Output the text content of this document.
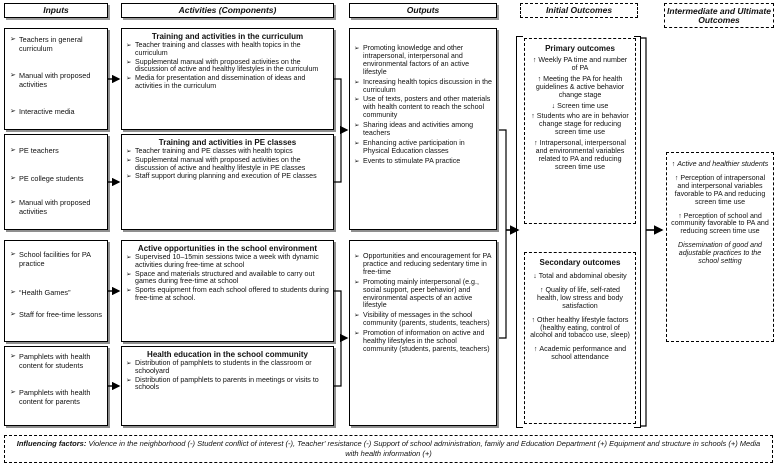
Inputs	Activities (Components)	Outputs	Initial Outcomes	Intermediate and Ultimate Outcomes
➢ Teachers in general curriculum
➢ Manual with proposed activities
➢ Interactive media
➢ PE teachers
➢ PE college students
➢ Manual with proposed activities
➢ School facilities for PA practice
➢ “Health Games”
➢ Staff for free-time lessons
➢ Pamphlets with health content for students
➢ Pamphlets with health content for parents
Training and activities in the curriculum
➢ Teacher training and classes with health topics in the curriculum
➢ Supplemental manual with proposed activities on the discussion of active and healthy lifestyles in the curriculum
➢ Media for presentation and dissemination of ideas and activities in the curriculum
Training and activities in PE classes
➢ Teacher training and PE classes with health topics
➢ Supplemental manual with proposed activities on the discussion of active and healthy lifestyle in PE classes
➢ Staff support during planning and execution of PE classes
Active opportunities in the school environment
➢ Supervised 10–15min sessions twice a week with dynamic activities during free-time at school
➢ Space and materials structured and available to carry out games during free-time at school
➢ Sports equipment from each school offered to students during free-time at school.
Health education in the school community
➢ Distribution of pamphlets to students in the classroom or schoolyard
➢ Distribution of pamphlets to parents in meetings or visits to schools
➢ Promoting knowledge and other intrapersonal, interpersonal and environmental factors of an active lifestyle
➢ Increasing health topics discussion in the curriculum
➢ Use of texts, posters and other materials with health content to reach the school community
➢ Sharing ideas and activities among teachers
➢ Enhancing active participation in Physical Education classes
➢ Events to stimulate PA practice
➢ Opportunities and encouragement for PA practice and reducing sedentary time in free-time
➢ Promoting mainly interpersonal (e.g., social support, peer behavior) and environmental aspects of an active lifestyle
➢ Visibility of messages in the school community (parents, students, teachers)
➢ Promotion of information on active and healthy lifestyles in the school community (students, parents, teachers)
Primary outcomes
↑ Weekly PA time and number of PA
↑ Meeting the PA for health guidelines & active behavior change stage
↓ Screen time use
↑ Students who are in behavior change stage for reducing screen time use
↑ Intrapersonal, interpersonal and environmental variables related to PA and reducing screen time use
Secondary outcomes
↓ Total and abdominal obesity
↑ Quality of life, self-rated health, low stress and body satisfaction
↑ Other healthy lifestyle factors (healthy eating, control of alcohol and tobacco use, sleep)
↑ Academic performance and school attendance
↑ Active and healthier students
↑ Perception of intrapersonal and interpersonal variables favorable to PA and reducing screen time use
↑ Perception of school and community favorable to PA and reducing screen time use
Dissemination of good and adjustable practices to the school setting
Influencing factors: Violence in the neighborhood (-) Student conflict of interest (-), Teacher' resistance (-) Support of school administration, family and Education Department (+) Equipment and structure in schools (+) Media with health information (+)
